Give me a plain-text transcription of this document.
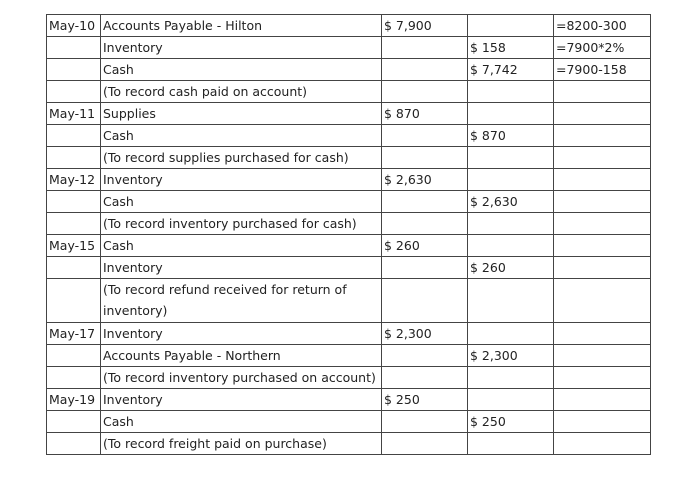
May-10	Accounts Payable - Hilton	$ 7,900		=8200-300
	Inventory		$ 158	=7900*2%
	Cash		$ 7,742	=7900-158
	(To record cash paid on account)			
May-11	Supplies	$ 870		
	Cash		$ 870	
	(To record supplies purchased for cash)			
May-12	Inventory	$ 2,630		
	Cash		$ 2,630	
	(To record inventory purchased for cash)			
May-15	Cash	$ 260		
	Inventory		$ 260	
	(To record refund received for return of inventory)			
May-17	Inventory	$ 2,300		
	Accounts Payable - Northern		$ 2,300	
	(To record inventory purchased on account)			
May-19	Inventory	$ 250		
	Cash		$ 250	
	(To record freight paid on purchase)			
